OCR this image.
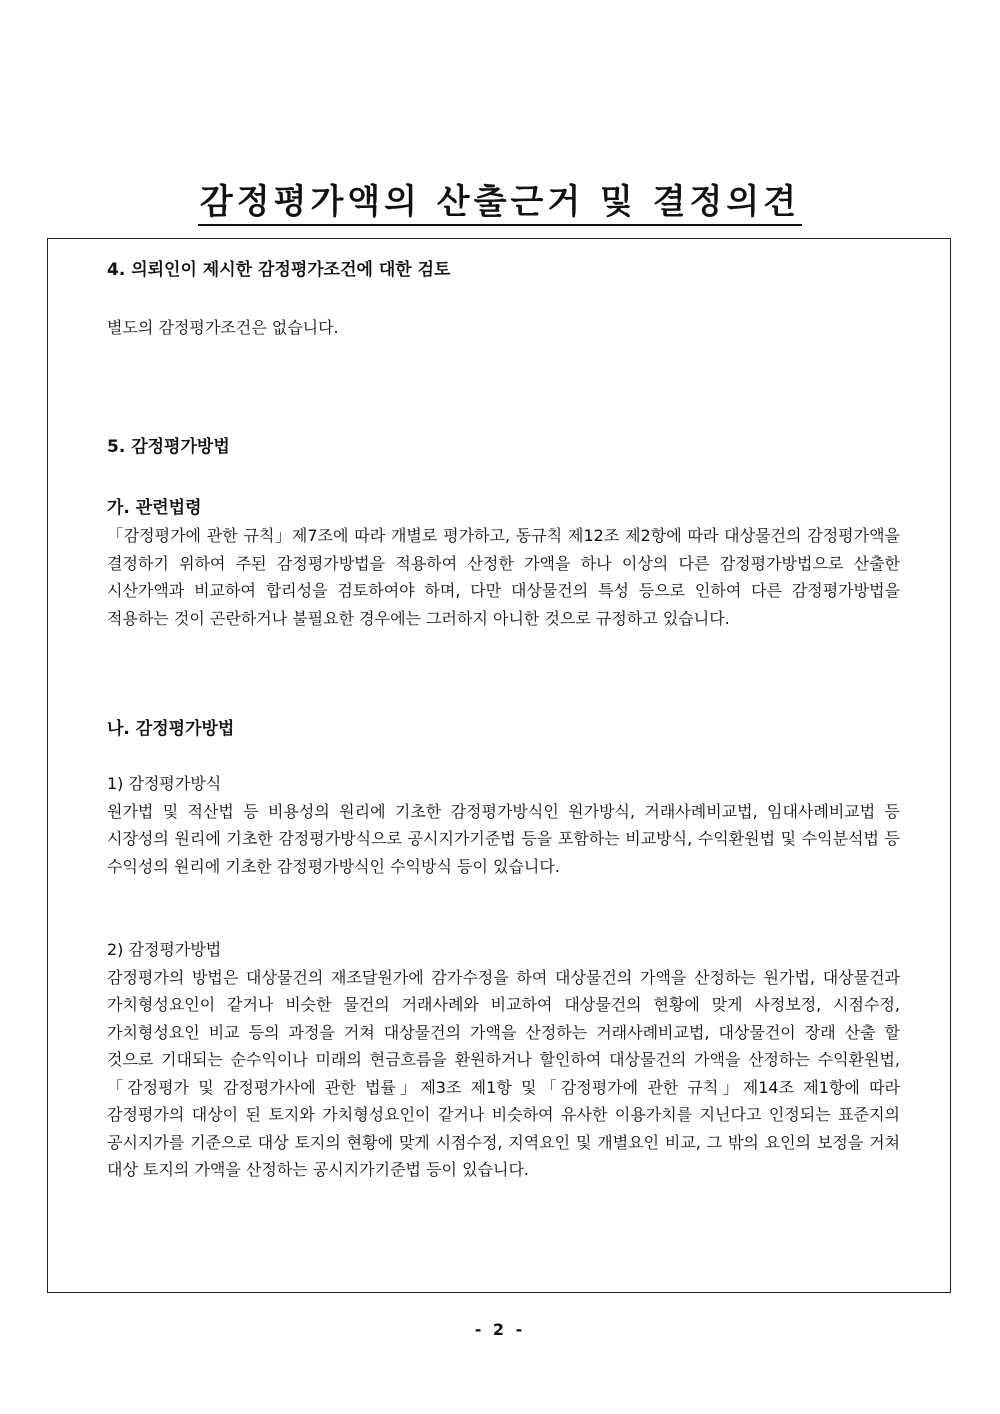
감정평가액의 산출근거 및 결정의견

4. 의뢰인이 제시한 감정평가조건에 대한 검토

별도의 감정평가조건은 없습니다.

5. 감정평가방법

가. 관련법령

「감정평가에 관한 규칙」제7조에 따라 개별로 평가하고, 동규칙 제12조 제2항에 따라 대상물건의 감정평가액을 결정하기 위하여 주된 감정평가방법을 적용하여 산정한 가액을 하나 이상의 다른 감정평가방법으로 산출한 시산가액과 비교하여 합리성을 검토하여야 하며, 다만 대상물건의 특성 등으로 인하여 다른 감정평가방법을 적용하는 것이 곤란하거나 불필요한 경우에는 그러하지 아니한 것으로 규정하고 있습니다.

나. 감정평가방법

1) 감정평가방식

원가법 및 적산법 등 비용성의 원리에 기초한 감정평가방식인 원가방식, 거래사례비교법, 임대사례비교법 등 시장성의 원리에 기초한 감정평가방식으로 공시지가기준법 등을 포함하는 비교방식, 수익환원법 및 수익분석법 등 수익성의 원리에 기초한 감정평가방식인 수익방식 등이 있습니다.

2) 감정평가방법

감정평가의 방법은 대상물건의 재조달원가에 감가수정을 하여 대상물건의 가액을 산정하는 원가법, 대상물건과 가치형성요인이 같거나 비슷한 물건의 거래사례와 비교하여 대상물건의 현황에 맞게 사정보정, 시점수정, 가치형성요인 비교 등의 과정을 거쳐 대상물건의 가액을 산정하는 거래사례비교법, 대상물건이 장래 산출 할 것으로 기대되는 순수익이나 미래의 현금흐름을 환원하거나 할인하여 대상물건의 가액을 산정하는 수익환원법,「감정평가 및 감정평가사에 관한 법률」제3조 제1항 및「감정평가에 관한 규칙」제14조 제1항에 따라 감정평가의 대상이 된 토지와 가치형성요인이 같거나 비슷하여 유사한 이용가치를 지닌다고 인정되는 표준지의 공시지가를 기준으로 대상 토지의 현황에 맞게 시점수정, 지역요인 및 개별요인 비교, 그 밖의 요인의 보정을 거쳐 대상 토지의 가액을 산정하는 공시지가기준법 등이 있습니다.

- 2 -
